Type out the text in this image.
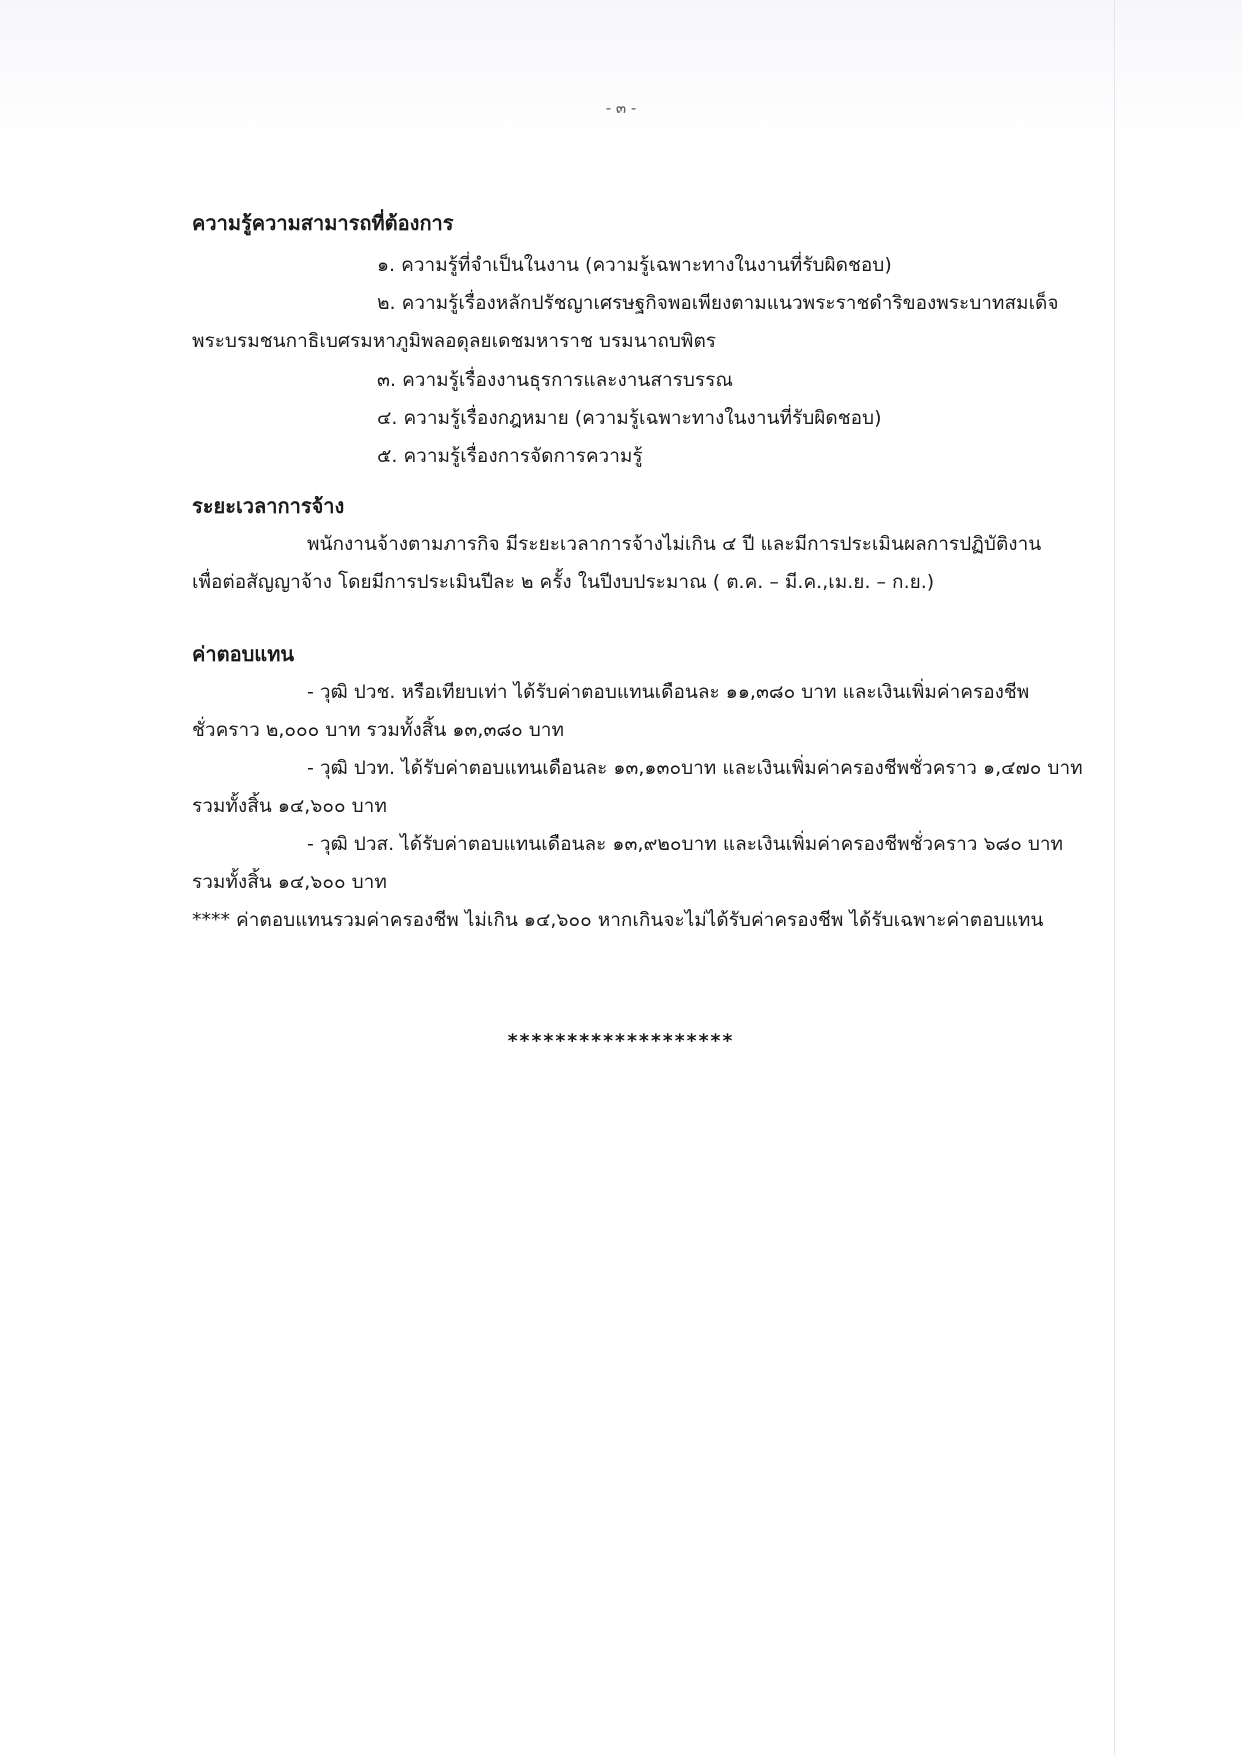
- ๓ -
ความรู้ความสามารถที่ต้องการ
๑. ความรู้ที่จำเป็นในงาน (ความรู้เฉพาะทางในงานที่รับผิดชอบ)
๒. ความรู้เรื่องหลักปรัชญาเศรษฐกิจพอเพียงตามแนวพระราชดำริของพระบาทสมเด็จ
พระบรมชนกาธิเบศรมหาภูมิพลอดุลยเดชมหาราช บรมนาถบพิตร
๓. ความรู้เรื่องงานธุรการและงานสารบรรณ
๔. ความรู้เรื่องกฎหมาย (ความรู้เฉพาะทางในงานที่รับผิดชอบ)
๕. ความรู้เรื่องการจัดการความรู้
ระยะเวลาการจ้าง
พนักงานจ้างตามภารกิจ มีระยะเวลาการจ้างไม่เกิน ๔ ปี และมีการประเมินผลการปฏิบัติงาน
เพื่อต่อสัญญาจ้าง โดยมีการประเมินปีละ ๒ ครั้ง ในปีงบประมาณ ( ต.ค. – มี.ค.,เม.ย. – ก.ย.)
ค่าตอบแทน
- วุฒิ ปวช. หรือเทียบเท่า ได้รับค่าตอบแทนเดือนละ ๑๑,๓๘๐ บาท และเงินเพิ่มค่าครองชีพ
ชั่วคราว ๒,๐๐๐ บาท รวมทั้งสิ้น ๑๓,๓๘๐ บาท
- วุฒิ ปวท. ได้รับค่าตอบแทนเดือนละ ๑๓,๑๓๐บาท และเงินเพิ่มค่าครองชีพชั่วคราว ๑,๔๗๐ บาท
รวมทั้งสิ้น ๑๔,๖๐๐ บาท
- วุฒิ ปวส. ได้รับค่าตอบแทนเดือนละ ๑๓,๙๒๐บาท และเงินเพิ่มค่าครองชีพชั่วคราว ๖๘๐ บาท
รวมทั้งสิ้น ๑๔,๖๐๐ บาท
**** ค่าตอบแทนรวมค่าครองชีพ ไม่เกิน ๑๔,๖๐๐ หากเกินจะไม่ได้รับค่าครองชีพ ได้รับเฉพาะค่าตอบแทน
*******************
